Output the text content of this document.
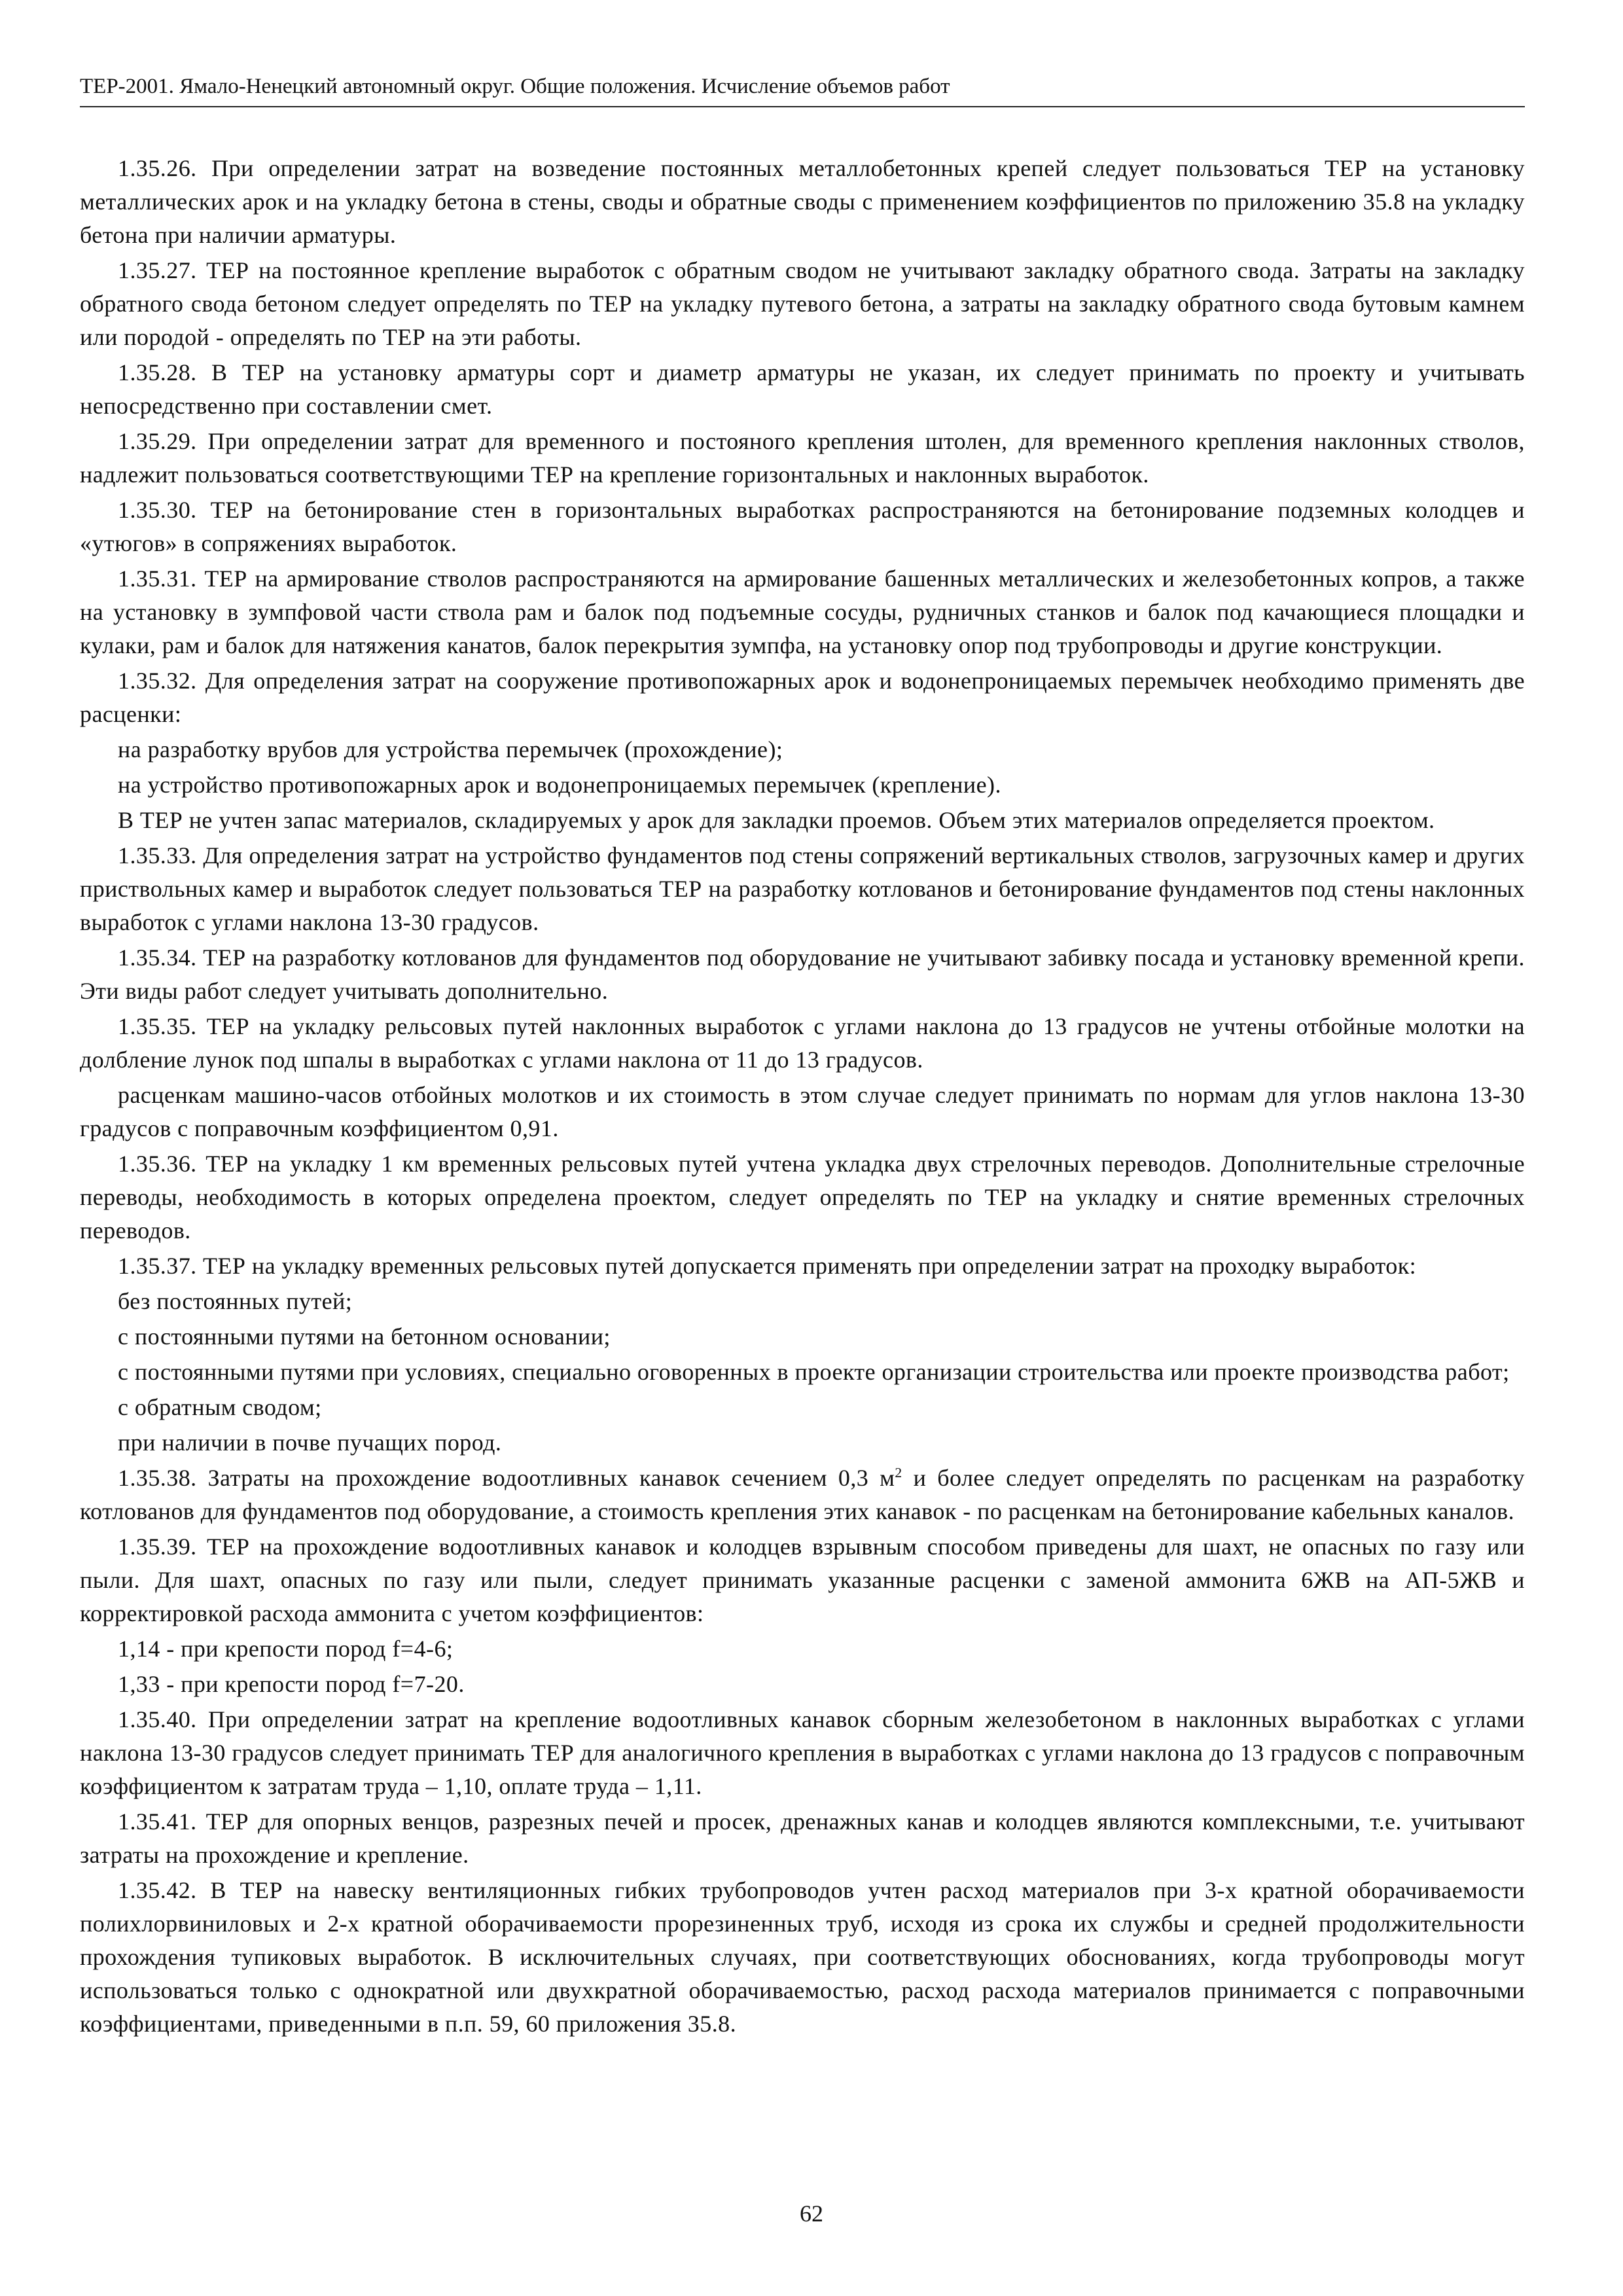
ТЕР-2001. Ямало-Ненецкий автономный округ. Общие положения. Исчисление объемов работ

1.35.26. При определении затрат на возведение постоянных металлобетонных крепей следует пользоваться ТЕР на установку металлических арок и на укладку бетона в стены, своды и обратные своды с применением коэффициентов по приложению 35.8 на укладку бетона при наличии арматуры.

1.35.27. ТЕР на постоянное крепление выработок с обратным сводом не учитывают закладку обратного свода. Затраты на закладку обратного свода бетоном следует определять по ТЕР на укладку путевого бетона, а затраты на закладку обратного свода бутовым камнем или породой - определять по ТЕР на эти работы.

1.35.28. В ТЕР на установку арматуры сорт и диаметр арматуры не указан, их следует принимать по проекту и учитывать непосредственно при составлении смет.

1.35.29. При определении затрат для временного и постояного крепления штолен, для временного крепления наклонных стволов, надлежит пользоваться соответствующими ТЕР на крепление горизонтальных и наклонных выработок.

1.35.30. ТЕР на бетонирование стен в горизонтальных выработках распространяются на бетонирование подземных колодцев и «утюгов» в сопряжениях выработок.

1.35.31. ТЕР на армирование стволов распространяются на армирование башенных металлических и железобетонных копров, а также на установку в зумпфовой части ствола рам и балок под подъемные сосуды, рудничных станков и балок под качающиеся площадки и кулаки, рам и балок для натяжения канатов, балок перекрытия зумпфа, на установку опор под трубопроводы и другие конструкции.

1.35.32. Для определения затрат на сооружение противопожарных арок и водонепроницаемых перемычек необходимо применять две расценки:

на разработку врубов для устройства перемычек (прохождение);

на устройство противопожарных арок и водонепроницаемых перемычек (крепление).

В ТЕР не учтен запас материалов, складируемых у арок для закладки проемов. Объем этих материалов определяется проектом.

1.35.33. Для определения затрат на устройство фундаментов под стены сопряжений вертикальных стволов, загрузочных камер и других приствольных камер и выработок следует пользоваться ТЕР на разработку котлованов и бетонирование фундаментов под стены наклонных выработок с углами наклона 13-30 градусов.

1.35.34. ТЕР на разработку котлованов для фундаментов под оборудование не учитывают забивку посада и установку временной крепи. Эти виды работ следует учитывать дополнительно.

1.35.35. ТЕР на укладку рельсовых путей наклонных выработок с углами наклона до 13 градусов не учтены отбойные молотки на долбление лунок под шпалы в выработках с углами наклона от 11 до 13 градусов.

расценкам машино-часов отбойных молотков и их стоимость в этом случае следует принимать по нормам для углов наклона 13-30 градусов с поправочным коэффициентом 0,91.

1.35.36. ТЕР на укладку 1 км временных рельсовых путей учтена укладка двух стрелочных переводов. Дополнительные стрелочные переводы, необходимость в которых определена проектом, следует определять по ТЕР на укладку и снятие временных стрелочных переводов.

1.35.37. ТЕР на укладку временных рельсовых путей допускается применять при определении затрат на проходку выработок:

без постоянных путей;

с постоянными путями на бетонном основании;

с постоянными путями при условиях, специально оговоренных в проекте организации строительства или проекте производства работ;

с обратным сводом;

при наличии в почве пучащих пород.

1.35.38. Затраты на прохождение водоотливных канавок сечением 0,3 $м^2$ и более следует определять по расценкам на разработку котлованов для фундаментов под оборудование, а стоимость крепления этих канавок - по расценкам на бетонирование кабельных каналов.

1.35.39. ТЕР на прохождение водоотливных канавок и колодцев взрывным способом приведены для шахт, не опасных по газу или пыли. Для шахт, опасных по газу или пыли, следует принимать указанные расценки с заменой аммонита 6ЖВ на АП-5ЖВ и корректировкой расхода аммонита с учетом коэффициентов:

1,14 - при крепости пород f=4-6;

1,33 - при крепости пород f=7-20.

1.35.40. При определении затрат на крепление водоотливных канавок сборным железобетоном в наклонных выработках с углами наклона 13-30 градусов следует принимать ТЕР для аналогичного крепления в выработках с углами наклона до 13 градусов с поправочным коэффициентом к затратам труда – 1,10, оплате труда – 1,11.

1.35.41. ТЕР для опорных венцов, разрезных печей и просек, дренажных канав и колодцев являются комплексными, т.е. учитывают затраты на прохождение и крепление.

1.35.42. В ТЕР на навеску вентиляционных гибких трубопроводов учтен расход материалов при 3-х кратной оборачиваемости полихлорвиниловых и 2-х кратной оборачиваемости прорезиненных труб, исходя из срока их службы и средней продолжительности прохождения тупиковых выработок. В исключительных случаях, при соответствующих обоснованиях, когда трубопроводы могут использоваться только с однократной или двухкратной оборачиваемостью, расход расхода материалов принимается с поправочными коэффициентами, приведенными в п.п. 59, 60 приложения 35.8.

62
